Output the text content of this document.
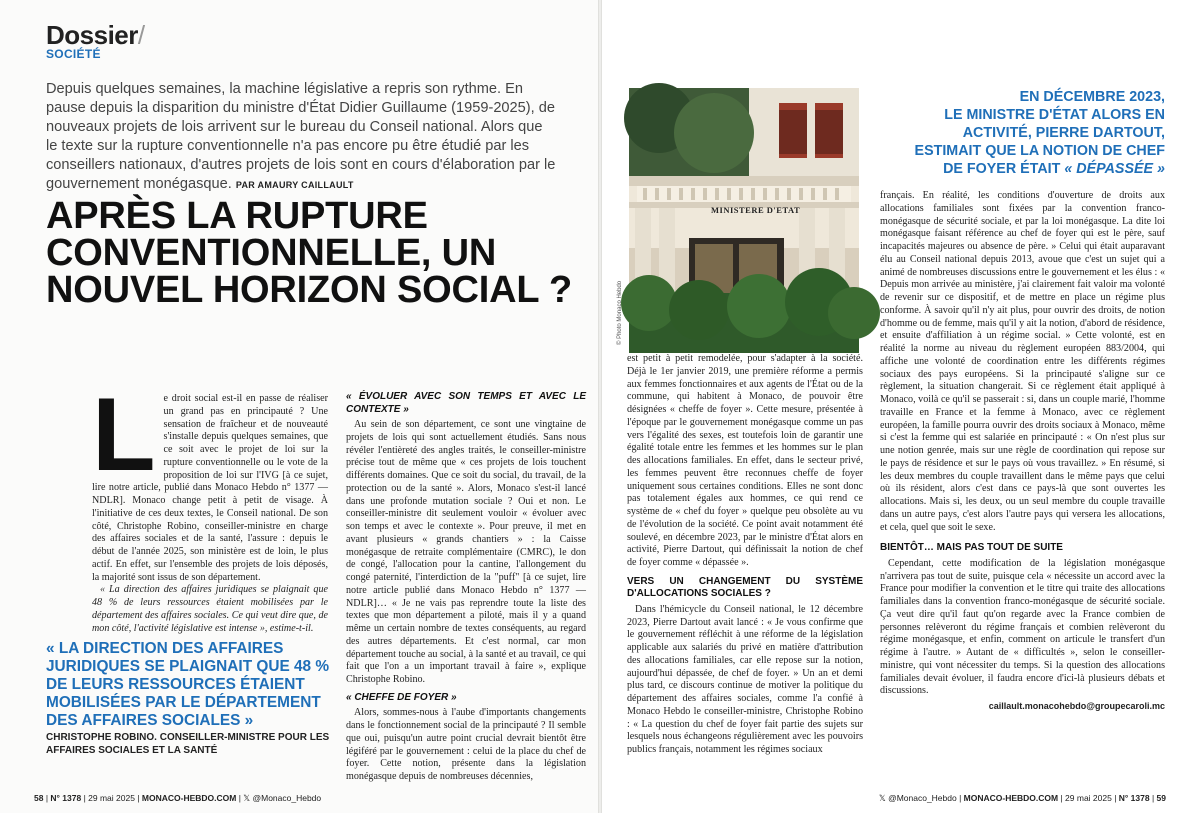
Dossier/
SOCIÉTÉ
Depuis quelques semaines, la machine législative a repris son rythme. En pause depuis la disparition du ministre d'État Didier Guillaume (1959-2025), de nouveaux projets de lois arrivent sur le bureau du Conseil national. Alors que le texte sur la rupture conventionnelle n'a pas encore pu être étudié par les conseillers nationaux, d'autres projets de lois sont en cours d'élaboration par le gouvernement monégasque. PAR AMAURY CAILLAULT
APRÈS LA RUPTURE
CONVENTIONNELLE, UN
NOUVEL HORIZON SOCIAL ?
L e droit social est-il en passe de réaliser un grand pas en principauté ? Une sensation de fraîcheur et de nouveauté s'installe depuis quelques semaines, que ce soit avec le projet de loi sur la rupture conventionnelle ou le vote de la proposition de loi sur l'IVG [à ce sujet, lire notre article, publié dans Monaco Hebdo n° 1377 — NDLR]. Monaco change petit à petit de visage. À l'initiative de ces deux textes, le Conseil national. De son côté, Christophe Robino, conseiller-ministre en charge des affaires sociales et de la santé, l'assure : depuis le début de l'année 2025, son ministère est de loin, le plus actif. En effet, sur l'ensemble des projets de lois déposés, la majorité sont issus de son département.

« La direction des affaires juridiques se plaignait que 48 % de leurs ressources étaient mobilisées par le département des affaires sociales. Ce qui veut dire que, de mon côté, l'activité législative est intense », estime-t-il.

« LA DIRECTION DES AFFAIRES JURIDIQUES SE PLAIGNAIT QUE 48 % DE LEURS RESSOURCES ÉTAIENT MOBILISÉES PAR LE DÉPARTEMENT DES AFFAIRES SOCIALES »
CHRISTOPHE ROBINO. CONSEILLER-MINISTRE POUR LES AFFAIRES SOCIALES ET LA SANTÉ
« ÉVOLUER AVEC SON TEMPS ET AVEC LE CONTEXTE »

Au sein de son département, ce sont une vingtaine de projets de lois qui sont actuellement étudiés. Sans nous révéler l'entièreté des angles traités, le conseiller-ministre précise tout de même que « ces projets de lois touchent différents domaines. Que ce soit du social, du travail, de la protection ou de la santé ». Alors, Monaco s'est-il lancé dans une profonde mutation sociale ? Oui et non. Le conseiller-ministre dit seulement vouloir « évoluer avec son temps et avec le contexte ». Pour preuve, il met en avant plusieurs « grands chantiers » : la Caisse monégasque de retraite complémentaire (CMRC), le don de congé, l'allocation pour la cantine, l'allongement du congé paternité, l'interdiction de la "puff" [à ce sujet, lire notre article publié dans Monaco Hebdo n° 1377 — NDLR]… « Je ne vais pas reprendre toute la liste des textes que mon département a piloté, mais il y a quand même un certain nombre de textes conséquents, au regard des autres départements. Et c'est normal, car mon département touche au social, à la santé et au travail, ce qui fait que l'on a un important travail à faire », explique Christophe Robino.

« CHEFFE DE FOYER »

Alors, sommes-nous à l'aube d'importants changements dans le fonctionnement social de la principauté ? Il semble que oui, puisqu'un autre point crucial devrait bientôt être légiféré par le gouvernement : celui de la place du chef de foyer. Cette notion, présente dans la législation monégasque depuis de nombreuses décennies,

58 | N° 1378 | 29 mai 2025 | MONACO-HEBDO.COM | 𝕏 @Monaco_Hebdo
MINISTERE D'ETAT
© Photo Monaco Hebdo

est petit à petit remodelée, pour s'adapter à la société. Déjà le 1er janvier 2019, une première réforme a permis aux femmes fonctionnaires et aux agents de l'État ou de la commune, qui habitent à Monaco, de pouvoir être désignées « cheffe de foyer ». Cette mesure, présentée à l'époque par le gouvernement monégasque comme un pas vers l'égalité des sexes, est toutefois loin de garantir une égalité totale entre les femmes et les hommes sur le plan des allocations familiales. En effet, dans le secteur privé, les femmes peuvent être reconnues cheffe de foyer uniquement sous certaines conditions. Elles ne sont donc pas totalement égales aux hommes, ce qui rend ce système de « chef du foyer » quelque peu obsolète au vu de l'évolution de la société. Ce point avait notamment été soulevé, en décembre 2023, par le ministre d'État alors en activité, Pierre Dartout, qui définissait la notion de chef de foyer comme « dépassée ».

VERS UN CHANGEMENT DU SYSTÈME D'ALLOCATIONS SOCIALES ?

Dans l'hémicycle du Conseil national, le 12 décembre 2023, Pierre Dartout avait lancé : « Je vous confirme que le gouvernement réfléchit à une réforme de la législation applicable aux salariés du privé en matière d'attribution des allocations familiales, car elle repose sur la notion, aujourd'hui dépassée, de chef de foyer. » Un an et demi plus tard, ce discours continue de motiver la politique du département des affaires sociales, comme l'a confié à Monaco Hebdo le conseiller-ministre, Christophe Robino : « La question du chef de foyer fait partie des sujets sur lesquels nous échangeons régulièrement avec les pouvoirs publics français, notamment les régimes sociaux

EN DÉCEMBRE 2023,
LE MINISTRE D'ÉTAT ALORS EN
ACTIVITÉ, PIERRE DARTOUT,
ESTIMAIT QUE LA NOTION DE CHEF
DE FOYER ÉTAIT « DÉPASSÉE »

français. En réalité, les conditions d'ouverture de droits aux allocations familiales sont fixées par la convention franco-monégasque de sécurité sociale, et par la loi monégasque. La dite loi monégasque faisant référence au chef de foyer qui est le père, sauf incapacités majeures ou absence de père. » Celui qui était auparavant élu au Conseil national depuis 2013, avoue que c'est un sujet qui a animé de nombreuses discussions entre le gouvernement et les élus : « Depuis mon arrivée au ministère, j'ai clairement fait valoir ma volonté de revenir sur ce dispositif, et de mettre en place un régime plus conforme. À savoir qu'il n'y ait plus, pour ouvrir des droits, de notion d'homme ou de femme, mais qu'il y ait la notion, d'abord de résidence, et ensuite d'affiliation à un régime social. » Cette volonté, est en réalité la norme au niveau du règlement européen 883/2004, qui affiche une volonté de coordination entre les différents régimes sociaux des pays européens. Si la principauté s'aligne sur ce règlement, la situation changerait. Si ce règlement était appliqué à Monaco, voilà ce qu'il se passerait : si, dans un couple marié, l'homme travaille en France et la femme à Monaco, avec ce règlement européen, la famille pourra ouvrir des droits sociaux à Monaco, même si c'est la femme qui est salariée en principauté : « On n'est plus sur une notion genrée, mais sur une règle de coordination qui repose sur le pays de résidence et sur le pays où vous travaillez. » En résumé, si les deux membres du couple travaillent dans le même pays que celui où ils résident, alors c'est dans ce pays-là que sont ouvertes les allocations. Mais si, les deux, ou un seul membre du couple travaille dans un autre pays, c'est alors l'autre pays qui versera les allocations, et cela, quel que soit le sexe.

BIENTÔT… MAIS PAS TOUT DE SUITE

Cependant, cette modification de la législation monégasque n'arrivera pas tout de suite, puisque cela « nécessite un accord avec la France pour modifier la convention et le titre qui traite des allocations familiales dans la convention franco-monégasque de sécurité sociale. Ça veut dire qu'il faut qu'on regarde avec la France combien de personnes relèveront du régime français et combien relèveront du régime monégasque, et enfin, comment on articule le transfert d'un régime à l'autre. » Autant de « difficultés », selon le conseiller-ministre, qui vont nécessiter du temps. Si la question des allocations familiales devait évoluer, il faudra encore d'ici-là plusieurs débats et discussions.

caillault.monacohebdo@groupecaroli.mc
𝕏 @Monaco_Hebdo | MONACO-HEBDO.COM | 29 mai 2025 | N° 1378 | 59
